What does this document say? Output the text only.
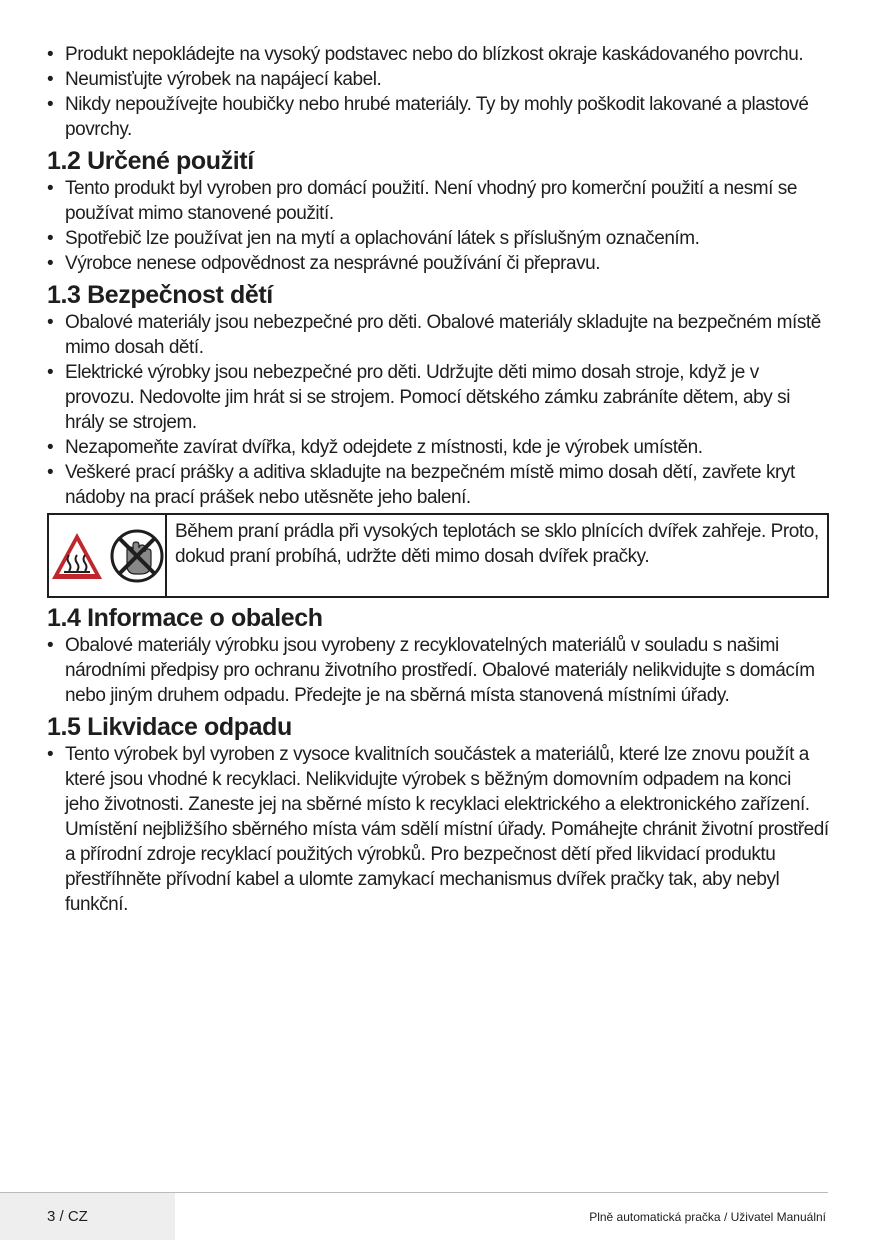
• Produkt nepokládejte na vysoký podstavec nebo do blízkost okraje kaskádovaného povrchu.
• Neumisťujte výrobek na napájecí kabel.
• Nikdy nepoužívejte houbičky nebo hrubé materiály. Ty by mohly poškodit lakované a plastové povrchy.
1.2 Určené použití
• Tento produkt byl vyroben pro domácí použití. Není vhodný pro komerční použití a nesmí se používat mimo stanovené použití.
• Spotřebič lze používat jen na mytí a oplachování látek s příslušným označením.
• Výrobce nenese odpovědnost za nesprávné používání či přepravu.
1.3 Bezpečnost dětí
• Obalové materiály jsou nebezpečné pro děti. Obalové materiály skladujte na bezpečném místě mimo dosah dětí.
• Elektrické výrobky jsou nebezpečné pro děti. Udržujte děti mimo dosah stroje, když je v provozu. Nedovolte jim hrát si se strojem. Pomocí dětského zámku zabráníte dětem, aby si hrály se strojem.
• Nezapomeňte zavírat dvířka, když odejdete z místnosti, kde je výrobek umístěn.
• Veškeré prací prášky a aditiva skladujte na bezpečném místě mimo dosah dětí, zavřete kryt nádoby na prací prášek nebo utěsněte jeho balení.
Během praní prádla při vysokých teplotách se sklo plnících dvířek zahřeje. Proto, dokud praní probíhá, udržte děti mimo dosah dvířek pračky.
1.4 Informace o obalech
• Obalové materiály výrobku jsou vyrobeny z recyklovatelných materiálů v souladu s našimi národními předpisy pro ochranu životního prostředí. Obalové materiály nelikvidujte s domácím nebo jiným druhem odpadu. Předejte je na sběrná místa stanovená místními úřady.
1.5 Likvidace odpadu
• Tento výrobek byl vyroben z vysoce kvalitních součástek a materiálů, které lze znovu použít a které jsou vhodné k recyklaci. Nelikvidujte výrobek s běžným domovním odpadem na konci jeho životnosti. Zaneste jej na sběrné místo k recyklaci elektrického a elektronického zařízení. Umístění nejbližšího sběrného místa vám sdělí místní úřady. Pomáhejte chránit životní prostředí a přírodní zdroje recyklací použitých výrobků. Pro bezpečnost dětí před likvidací produktu přestříhněte přívodní kabel a ulomte zamykací mechanismus dvířek pračky tak, aby nebyl funkční.
3 / CZ	Plně automatická pračka / Uživatel Manuální
